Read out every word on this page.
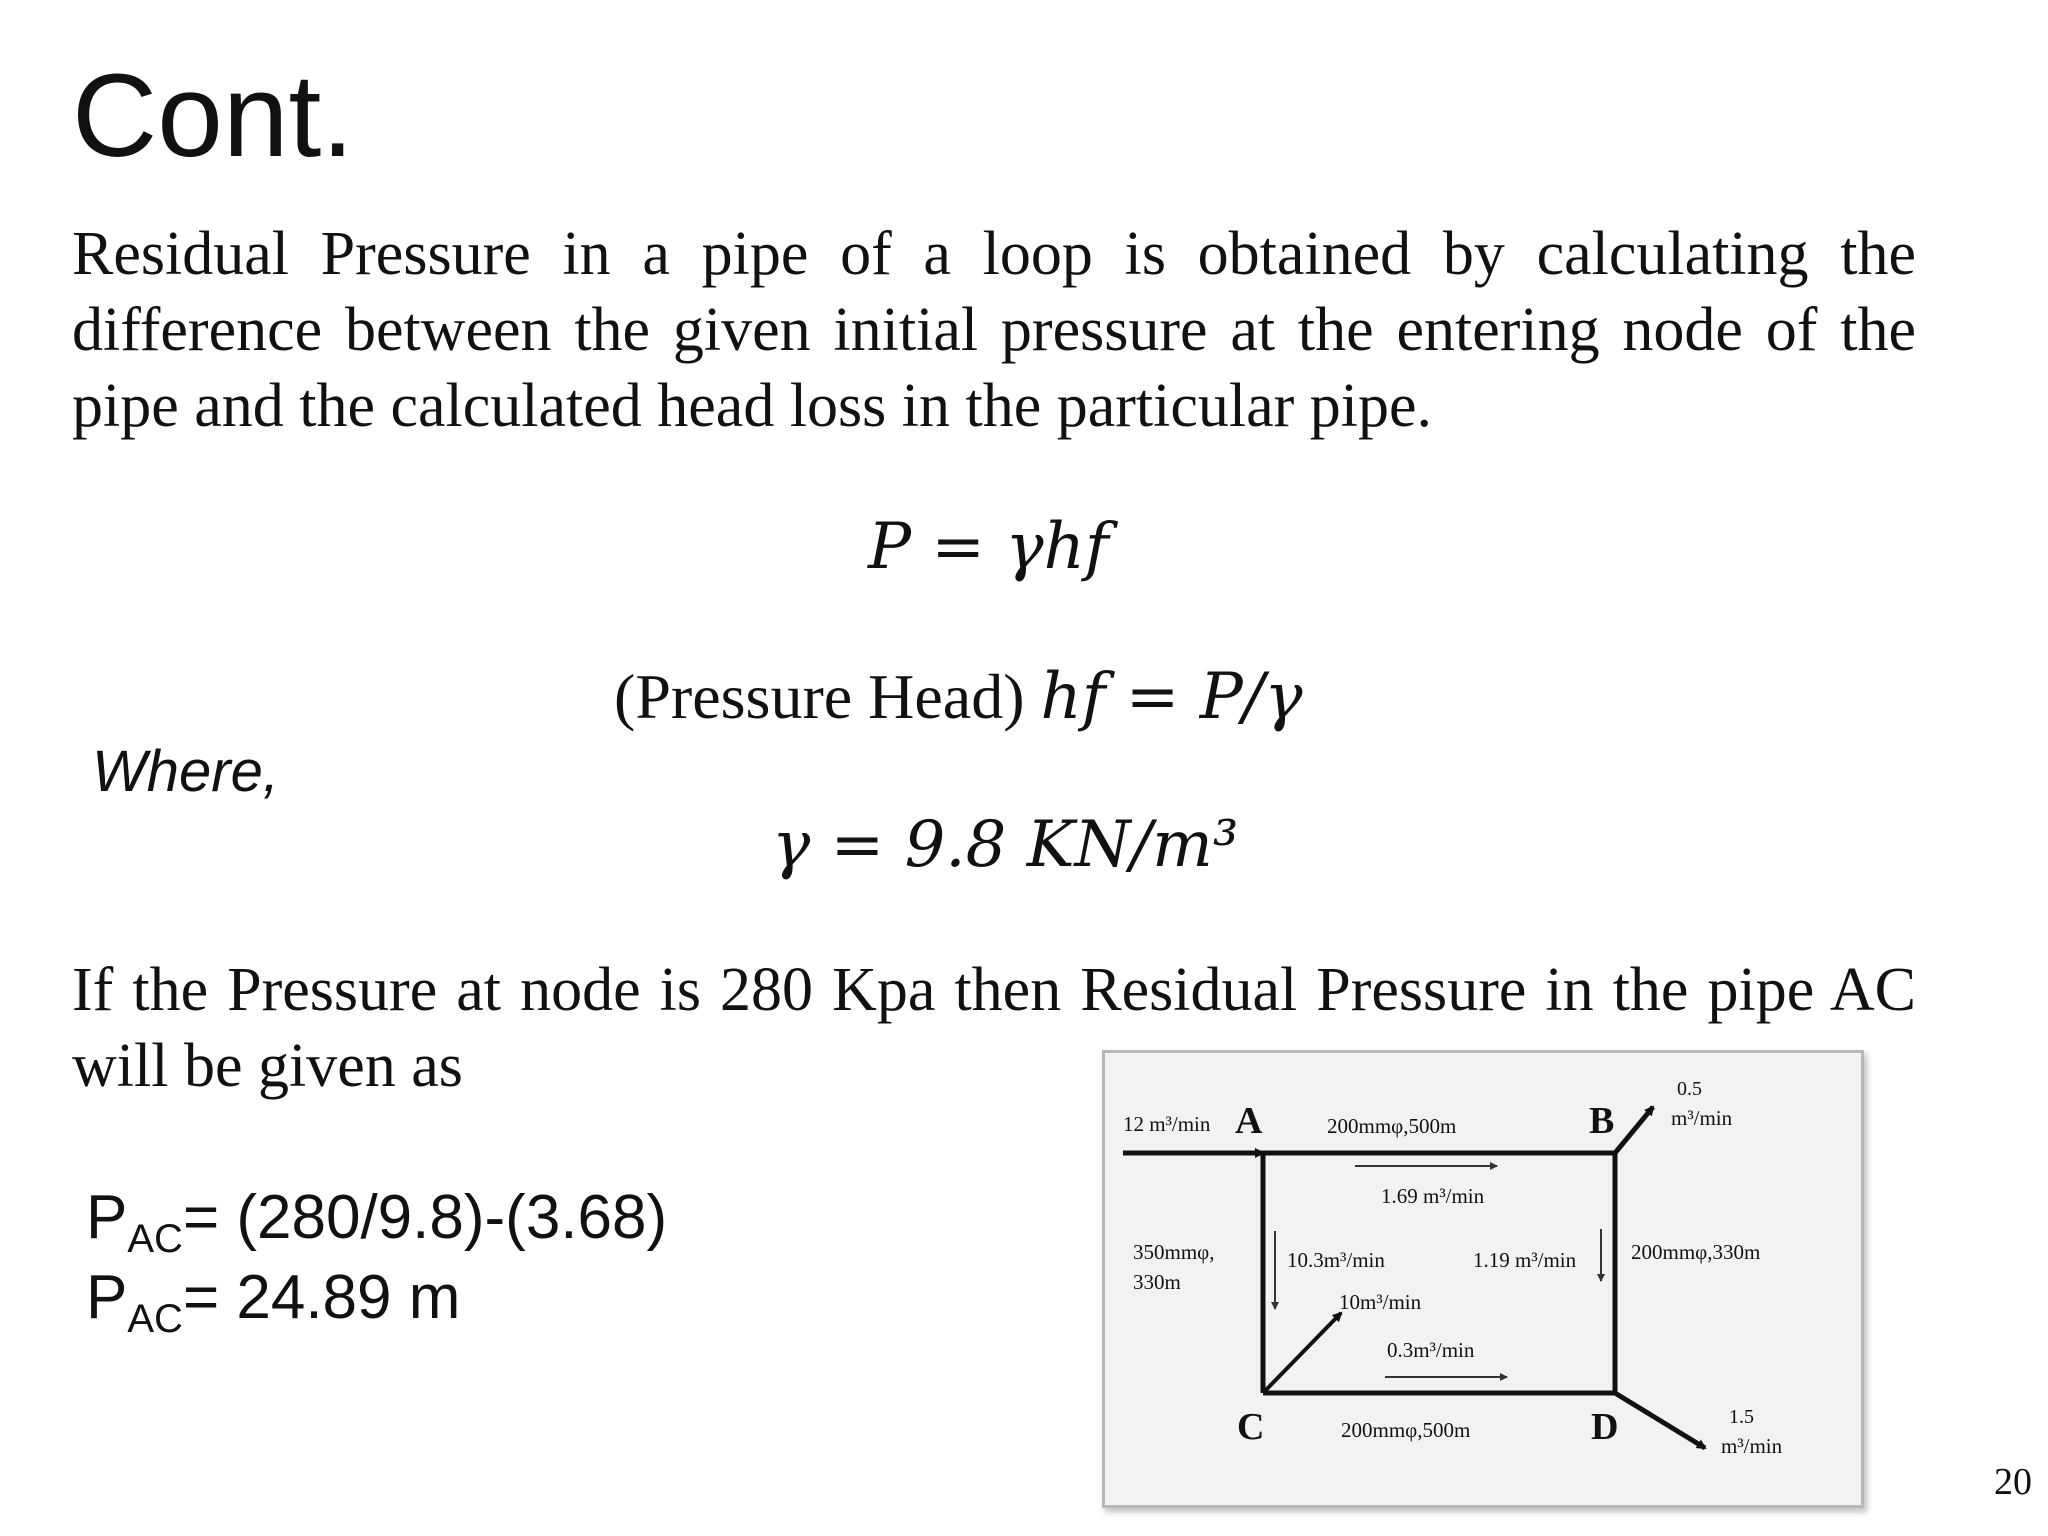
Cont.
Residual Pressure in a pipe of a loop is obtained by calculating the difference between the given initial pressure at the entering node of the pipe and the calculated head loss in the particular pipe.
P = γhf
(Pressure Head) hf = P/γ
Where,
γ = 9.8 KN/m³
If the Pressure at node is 280 Kpa then Residual Pressure in the pipe AC will be given as
$P_{AC}= (280/9.8)-(3.68)$
$P_{AC}= 24.89$ m
A	B
C	D
12 m³/min	200mmφ,500m
1.69 m³/min
350mmφ,
330m
10.3m³/min	1.19 m³/min	200mmφ,330m
10m³/min
0.3m³/min
200mmφ,500m
0.5
m³/min
1.5
m³/min
20
